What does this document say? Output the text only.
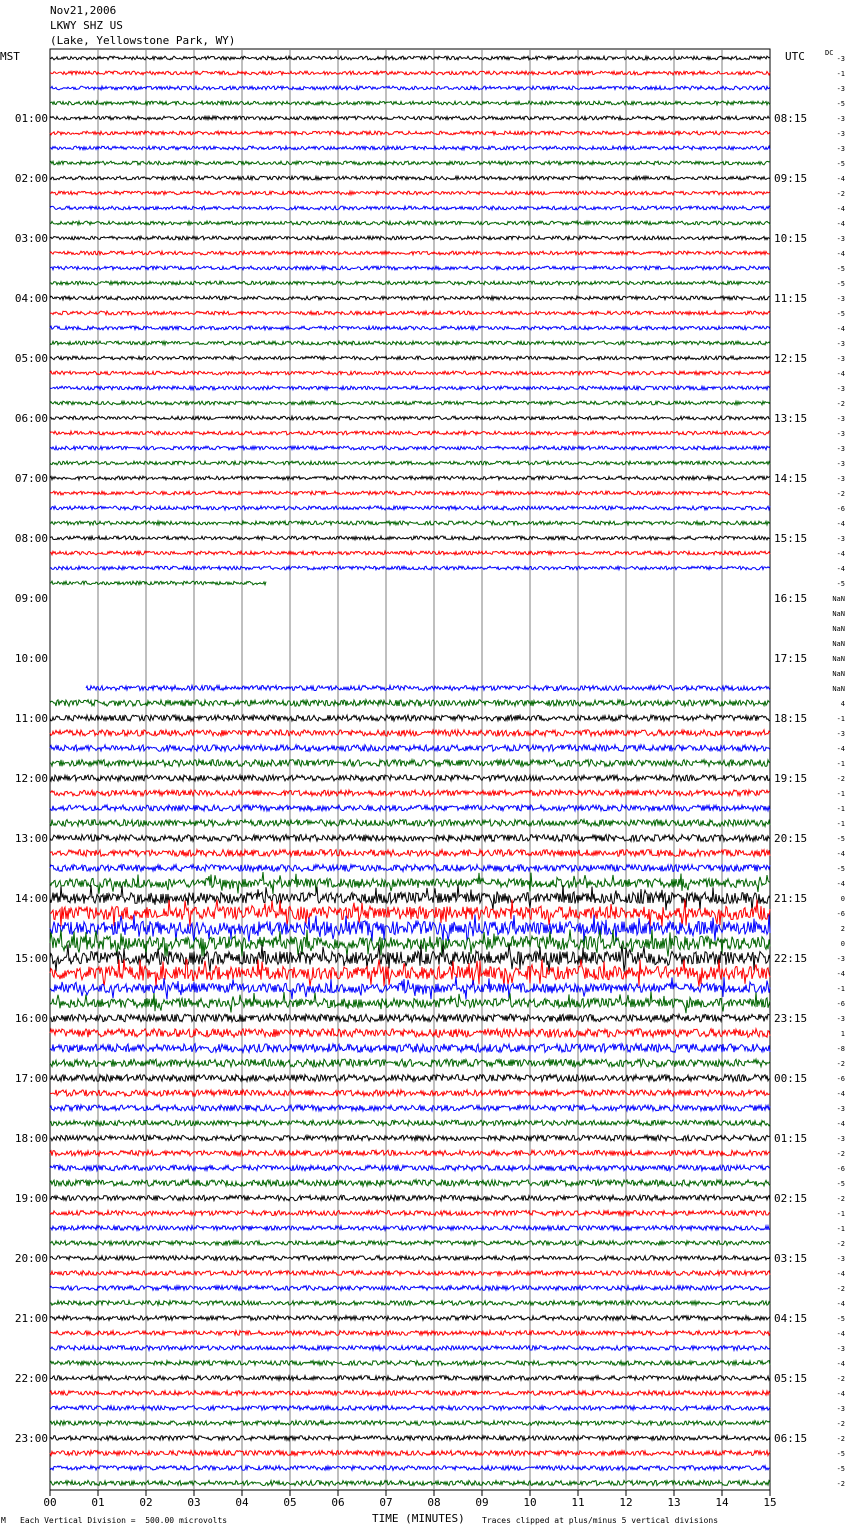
Nov21,2006
LKWY SHZ US
(Lake, Yellowstone Park, WY)
MST	UTC	DC
-3
-1
-3
-5
-3
-3
-3
-5
-4
-2
-4
-4
-3
-4
-5
-5
-3
-5
-4
-3
-3
-4
-3
-2
-3
-3
-3
-3
-3
-2
-6
-4
-3
-4
-4
-5
NaN
NaN
NaN
NaN
NaN
NaN
NaN
4
-1
-3
-4
-1
-2
-1
-1
-1
-5
-4
-5
-4
0
-6
2
0
-3
-4
-1
-6
-3
1
-8
-2
-6
-4
-3
-4
-3
-2
-6
-5
-2
-1
-1
-2
-3
-4
-2
-4
-5
-4
-3
-4
-2
-4
-3
-2
-2
-5
-5
-2
01:00
02:00
03:00
04:00
05:00
06:00
07:00
08:00
09:00
10:00
11:00
12:00
13:00
14:00
15:00
16:00
17:00
18:00
19:00
20:00
21:00
22:00
23:00
08:15
09:15
10:15
11:15
12:15
13:15
14:15
15:15
16:15
17:15
18:15
19:15
20:15
21:15
22:15
23:15
00:15
01:15
02:15
03:15
04:15
05:15
06:15
00	01	02	03	04	05	06	07	08	09	10	11	12	13	14	15
M Each Vertical Division =  500.00 microvolts	TIME (MINUTES) Traces clipped at plus/minus 5 vertical divisions
